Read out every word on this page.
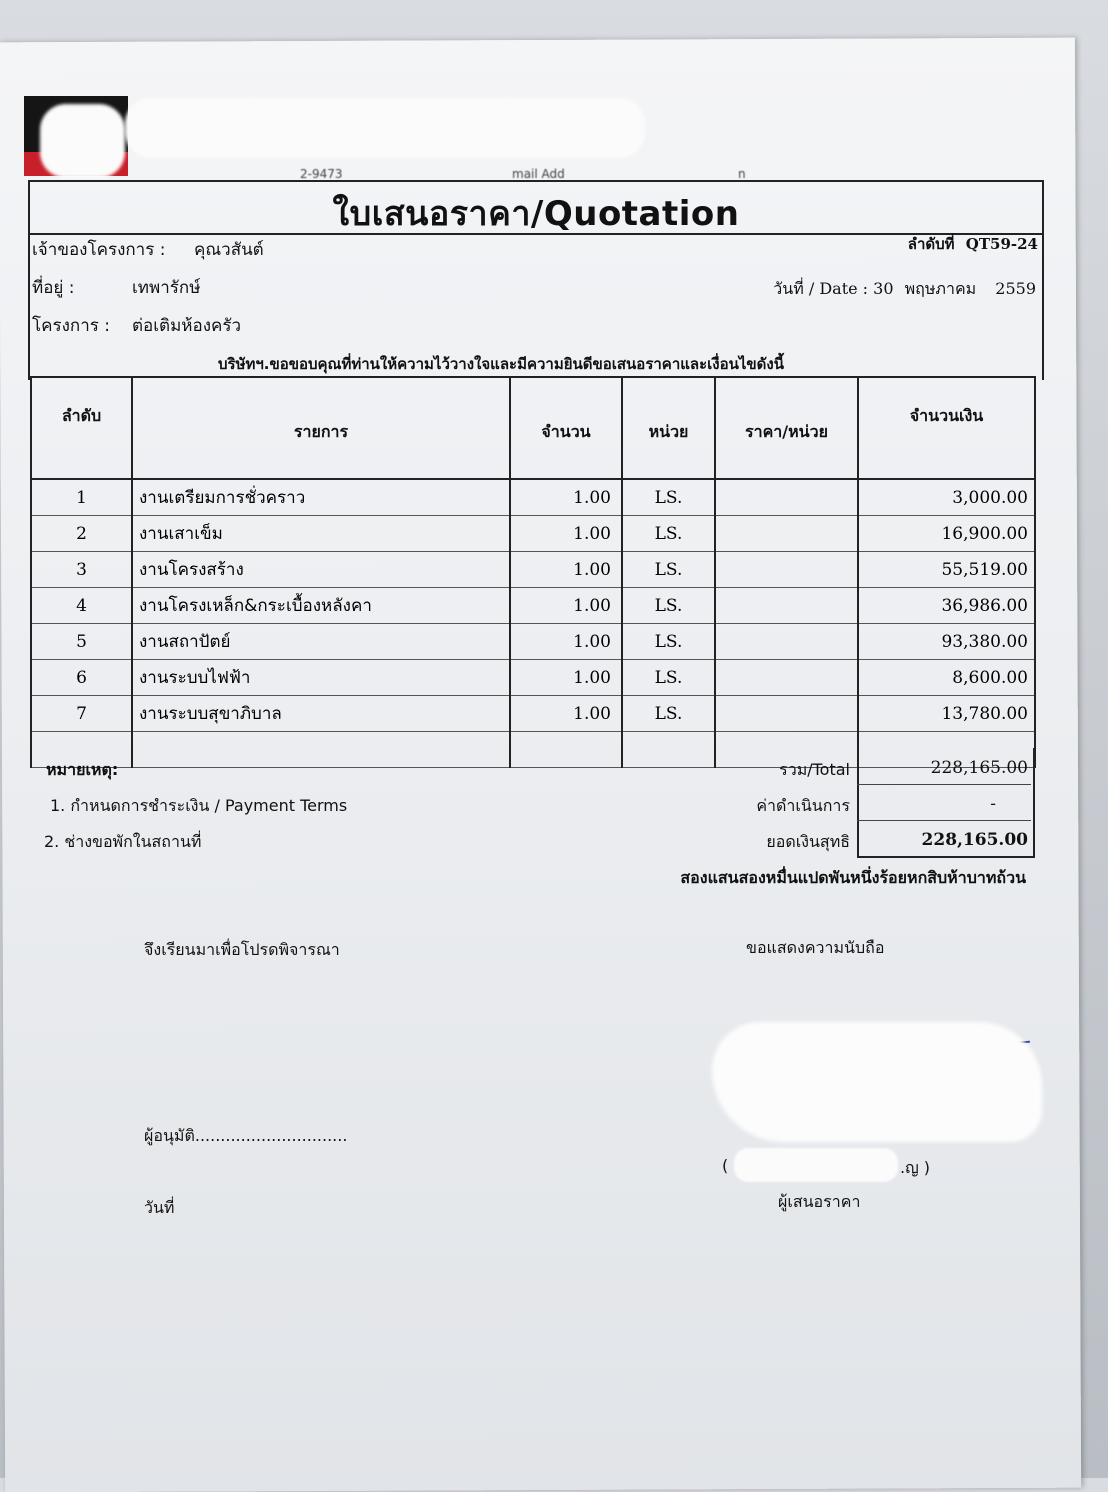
2-9473	mail Add	n
ใบเสนอราคา/Quotation
เจ้าของโครงการ : คุณวสันต์
ที่อยู่ :	เทพารักษ์
โครงการ : ต่อเติมห้องครัว
ลำดับที่ QT59-24
วันที่ / Date : 30 พฤษภาคม 2559
บริษัทฯ.ขอขอบคุณที่ท่านให้ความไว้วางใจและมีความยินดีขอเสนอราคาและเงื่อนไขดังนี้
ลำดับ	รายการ	จำนวน	หน่วย	ราคา/หน่วย	จำนวนเงิน
1	งานเตรียมการชั่วคราว	1.00	LS.		3,000.00
2	งานเสาเข็ม	1.00	LS.		16,900.00
3	งานโครงสร้าง	1.00	LS.		55,519.00
4	งานโครงเหล็ก&กระเบื้องหลังคา	1.00	LS.		36,986.00
5	งานสถาปัตย์	1.00	LS.		93,380.00
6	งานระบบไฟฟ้า	1.00	LS.		8,600.00
7	งานระบบสุขาภิบาล	1.00	LS.		13,780.00

หมายเหตุ:
1. กำหนดการชำระเงิน / Payment Terms
2. ช่างขอพักในสถานที่
รวม/Total	228,165.00
ค่าดำเนินการ	-
ยอดเงินสุทธิ	228,165.00
สองแสนสองหมื่นแปดพันหนึ่งร้อยหกสิบห้าบาทถ้วน
จึงเรียนมาเพื่อโปรดพิจารณา	ขอแสดงความนับถือ
ผู้อนุมัติ..............................
วันที่
(	.ญ )
ผู้เสนอราคา
